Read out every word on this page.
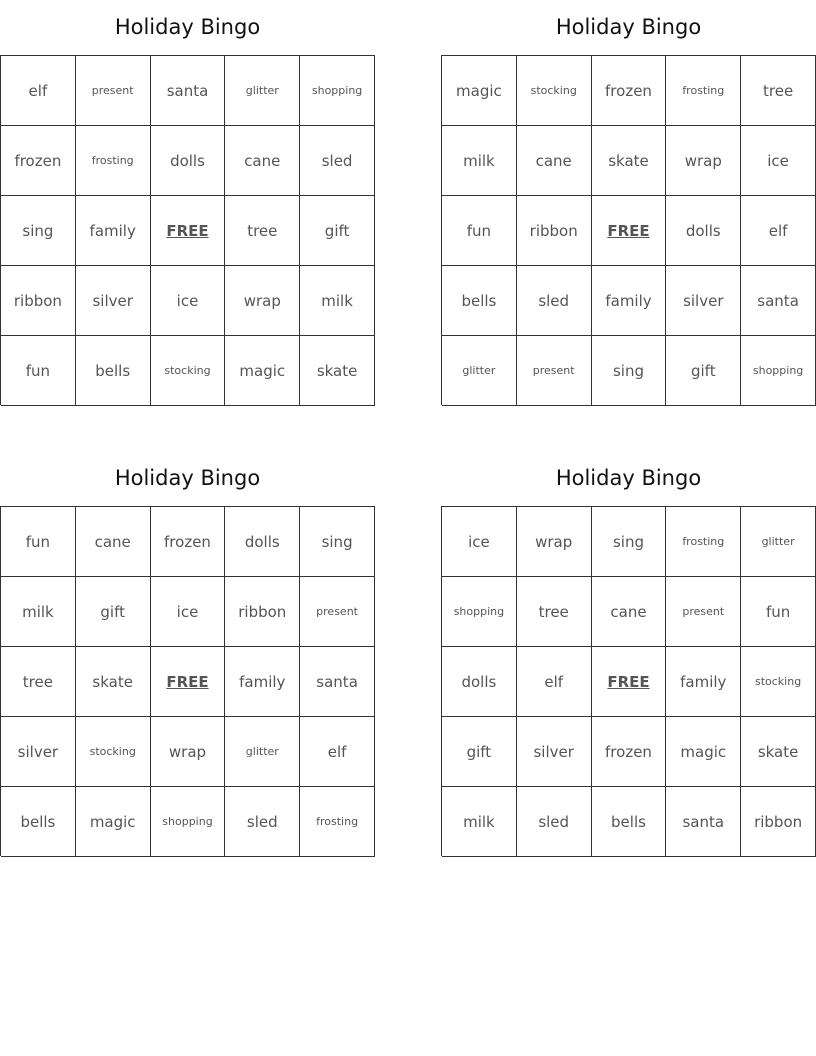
Holiday Bingo
elf	present	santa	glitter	shopping
frozen	frosting	dolls	cane	sled
sing	family	FREE	tree	gift
ribbon	silver	ice	wrap	milk
fun	bells	stocking	magic	skate
Holiday Bingo
magic	stocking	frozen	frosting	tree
milk	cane	skate	wrap	ice
fun	ribbon	FREE	dolls	elf
bells	sled	family	silver	santa
glitter	present	sing	gift	shopping
Holiday Bingo
fun	cane	frozen	dolls	sing
milk	gift	ice	ribbon	present
tree	skate	FREE	family	santa
silver	stocking	wrap	glitter	elf
bells	magic	shopping	sled	frosting
Holiday Bingo
ice	wrap	sing	frosting	glitter
shopping	tree	cane	present	fun
dolls	elf	FREE	family	stocking
gift	silver	frozen	magic	skate
milk	sled	bells	santa	ribbon
